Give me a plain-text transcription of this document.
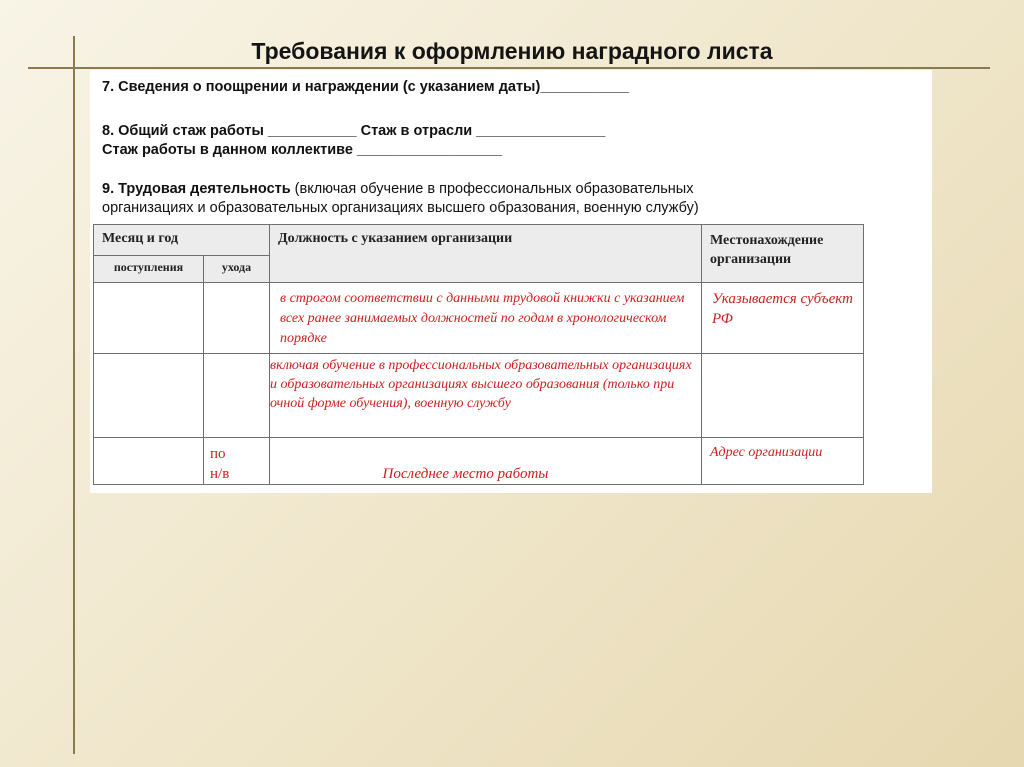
Требования к оформлению наградного листа
7. Сведения о поощрении и награждении (с указанием даты)___________
8. Общий стаж работы ___________ Стаж в отрасли ________________
Стаж работы в данном коллективе __________________
9. Трудовая деятельность (включая обучение в профессиональных образовательных
организациях и образовательных организациях высшего образования, военную службу)
Месяц и год		Должность с указанием организации	Местонахождение организации
поступления	ухода		
		в строгом соответствии с данными трудовой книжки с указанием всех ранее занимаемых должностей по годам в хронологическом порядке	Указывается субъект РФ
		включая обучение в профессиональных образовательных организациях и образовательных организациях высшего образования (только при очной форме обучения), военную службу	

	по н/в	Последнее место работы	Адрес организации
